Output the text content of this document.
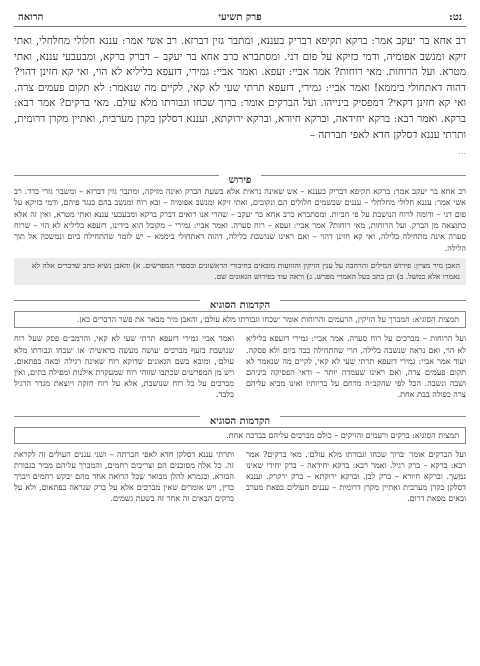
נט:
פרק תשיעי
הרואה

רב אחא בר יעקב אמר: ברקא תקיפא דבריק בעננא, ומתבר גזין דברזא. רב אשי אמר: עננא חלולי מחלחלי, ואתי זיקא ומנשב אפומיה, ודמי כזיקא על פום דני. ומסתברא כרב אחא בר יעקב – דברק ברקא, ומבעבעי עננא, ואתי מטרא. ועל הרוחות. מאי רוחות? אמר אביי: זעפא. ואמר אביי: גמירי, דזעפא בליליא לא הוי, ואי קא חזינן דהוי? דהוה דאתחולי ביממא! ואמר אביי: גמירי, דזעפא תרתי שעי לא קאי, לקיים מה שנאמר: לא תקום פעמים צרה. ואי קא חזינן דקאי? דמפסיק בינייהו. ועל הברקים אומר: ברוך שכחו וגבורתו מלא עולם. מאי ברקים? אמר רבא: ברקא. ואמר רבא: ברקא יחידאה, וברקא חיורא, וברקא ירוקתא, ועננא דסלקן בקרן מערבית, ואתיין מקרן דרומית, ותרתי עננא דסלקן חדא לאפי חברתה –

...
פירוש

רב אחא בר יעקב אמר: ברקא תקיפא דבריק בעננא – אש שאינה נראית אלא בשעת הברק ואינה מזיקה, ומתבר גזין דברזא – ומשבר גזרי ברד. רב אשי אמר: עננא חלולי מחלחלי – עננים שבשמים חלולים הם ונקובים, ואתי זיקא ומנשב אפומיה – ובא רוח ומנשב בהם כנגד פיהם, ודמי כזיקא על פום דני – ודומה לרוח הנושבת על פי חביות. ומסתברא כרב אחא בר יעקב – שהרי אנו רואים דברק ברקא ומבעבעי עננא ואתי מטרא, ואין זה אלא כתוצאה מן הברק. ועל הרוחות, מאי רוחות? אמר אביי: זעפא – רוח סערה. ואמר אביי: גמירי – מקובל הוא בידינו, דזעפא בליליא לא הוי – שרוח סערה אינה מתחילה בלילה, ואי קא חזינן דהוי – ואם ראינו שנושבת בלילה, דהוה דאתחולי ביממא – יש לומר שהתחילה ביום ונמשכה אל תוך הלילה.

האבן מיר מציין: פירוש המילים והרחבה על ענין הזיקין והזוועות מובאים בחיבורי הראשונים ובספרי המפרשים. א) והאבן נשיא כתב שדברים אלה לא נאמרו אלא כמשל. ב) וכן כתב בעל האמרי מפרש. ג) וראה עוד בפירוש הגאונים שם.
הקדמות הסוגיא
תמצית הסוגיא: המברך על הזיקין, הרעמים והרוחות אומר ׳שכחו וגבורתו מלא עולם׳, והאבן מיר מבאר את פשר הדברים כאן.

ועל הרוחות – מברכים על רוח סערה. אמר אביי: גמירי דזעפא בליליא לא הוי, ואם נראה שנשבה בלילה, הרי שהתחילה כבר ביום ולא פסקה. ועוד אמר אביי: גמירי דזעפא תרתי שעי לא קאי, לקיים מה שנאמר לא תקום פעמים צרה, ואם ראינו שעמדה יותר – ודאי הפסיקה ביניהם ושבה ונשבה. הכל לפי שהקב״ה מרחם על בריותיו ואינו מביא עליהם צרה כפולה בבת אחת.

ואמר אביי גמירי דזעפא תרתי שעי לא קאי, והרמב״ם פסק שעל רוח שנושבת בזעף מברכים ׳עושה מעשה בראשית׳ או ׳שכחו וגבורתו מלא עולם׳, ומובא בשם הגאונים שדוקא רוח שאינה רגילה ובאה בפתאום. ויש מן המפרשים שכתבו שזוהי רוח שמעקרת אילנות ומפילה בתים, ואין מברכים על כל רוח שנושבת, אלא על רוח חזקה ויוצאת מגדר הרגיל בלבד.

הקדמות הסוגיא
תמצית הסוגיא: ברקים ורעמים והזיקים – כולם מברכים עליהם בברכה אחת.

ועל הברקים אומר ׳ברוך שכחו וגבורתו מלא עולם׳. מאי ברקים? אמר רבא: ברקא – ברק רגיל. ואמר רבא: ברקא יחידאה – ברק יחידי שאינו נמשך. וברקא חיורא – ברק לבן. וברקא ירוקתא – ברק ירקרק. ועננא דסלקן בקרן מערבית ואתיין מקרן דרומית – עננים העולים בפאת מערב ובאים מפאת דרום.

ותרתי עננא דסלקן חדא לאפי חברתה – ושני עננים העולים זה לקראת זה. כל אלה מסוכנים הם וצריכים רחמים, והמברך עליהם מכיר בגבורת הבורא. ובגמרא להלן מבואר שכל הרואה אחד מהם יבקש רחמים ויברך כדין, ויש אומרים שאין מברכים אלא על ברק שנראה בפתאום, ולא על ברקים הבאים זה אחר זה בשעת גשמים.
